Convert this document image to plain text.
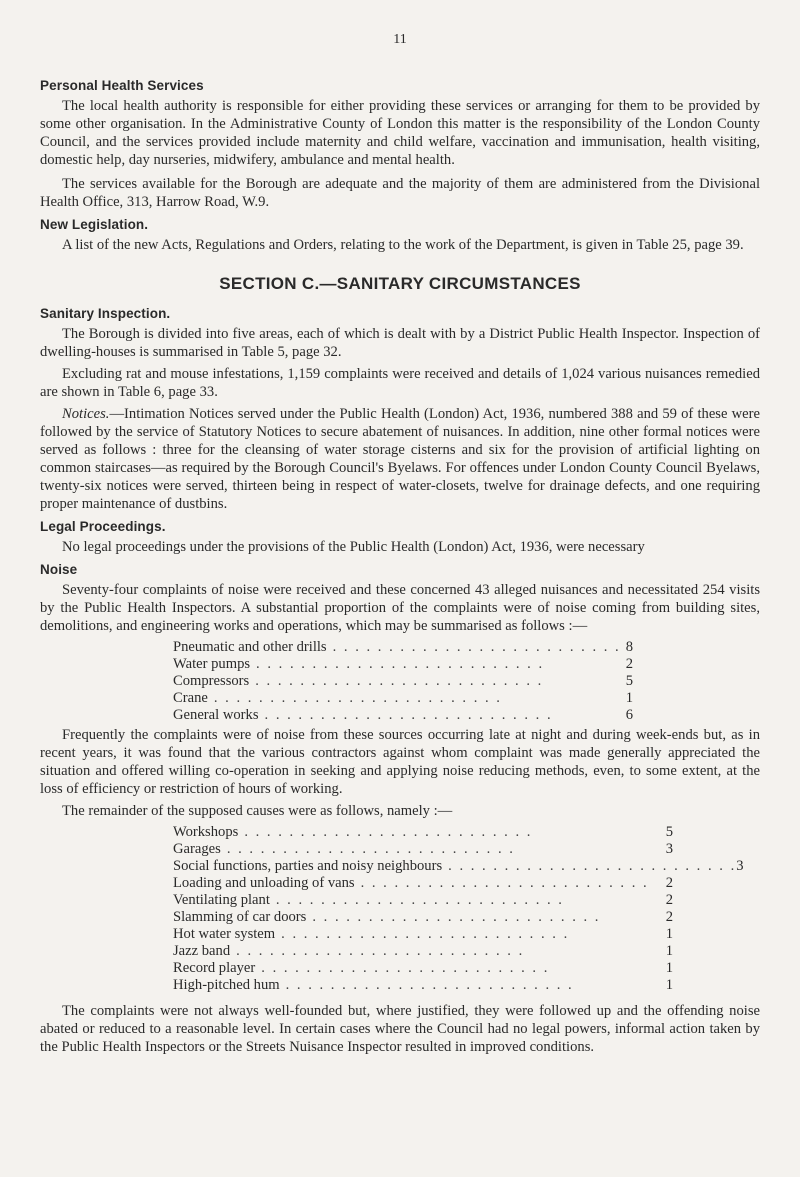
11
Personal Health Services

The local health authority is responsible for either providing these services or arranging for them to be provided by some other organisation. In the Administrative County of London this matter is the responsibility of the London County Council, and the services provided include maternity and child welfare, vaccination and immunisation, health visiting, domestic help, day nurseries, midwifery, ambulance and mental health.

The services available for the Borough are adequate and the majority of them are administered from the Divisional Health Office, 313, Harrow Road, W.9.

New Legislation.

A list of the new Acts, Regulations and Orders, relating to the work of the Department, is given in Table 25, page 39.

SECTION C.—SANITARY CIRCUMSTANCES
Sanitary Inspection.

The Borough is divided into five areas, each of which is dealt with by a District Public Health Inspector. Inspection of dwelling-houses is summarised in Table 5, page 32.

Excluding rat and mouse infestations, 1,159 complaints were received and details of 1,024 various nuisances remedied are shown in Table 6, page 33.

Notices.—Intimation Notices served under the Public Health (London) Act, 1936, numbered 388 and 59 of these were followed by the service of Statutory Notices to secure abatement of nuisances. In addition, nine other formal notices were served as follows : three for the cleansing of water storage cisterns and six for the provision of artificial lighting on common staircases—as required by the Borough Council's Byelaws. For offences under London County Council Byelaws, twenty-six notices were served, thirteen being in respect of water-closets, twelve for drainage defects, and one requiring proper maintenance of dustbins.

Legal Proceedings.

No legal proceedings under the provisions of the Public Health (London) Act, 1936, were necessary

Noise

Seventy-four complaints of noise were received and these concerned 43 alleged nuisances and necessitated 254 visits by the Public Health Inspectors. A substantial proportion of the complaints were of noise coming from building sites, demolitions, and engineering works and operations, which may be summarised as follows :—

Pneumatic and other drills . . . . . . . . . . . . . . . . . . . . . . . . . . 8
Water pumps . . . . . . . . . . . . . . . . . . . . . . . . . .	2
Compressors . . . . . . . . . . . . . . . . . . . . . . . . . .	5
Crane . . . . . . . . . . . . . . . . . . . . . . . . . .	1
General works . . . . . . . . . . . . . . . . . . . . . . . . . .	6

Frequently the complaints were of noise from these sources occurring late at night and during week-ends but, as in recent years, it was found that the various contractors against whom complaint was made generally appreciated the situation and offered willing co-operation in seeking and applying noise reducing methods, even, to some extent, at the loss of efficiency or restriction of hours of working.

The remainder of the supposed causes were as follows, namely :—

Workshops . . . . . . . . . . . . . . . . . . . . . . . . . .	5
Garages . . . . . . . . . . . . . . . . . . . . . . . . . .	3
Social functions, parties and noisy neighbours . . . . . . . . . . . . . . . . . . . . . . . . . . 3
Loading and unloading of vans . . . . . . . . . . . . . . . . . . . . . . . . . .	2
Ventilating plant . . . . . . . . . . . . . . . . . . . . . . . . . .	2
Slamming of car doors . . . . . . . . . . . . . . . . . . . . . . . . . .	2
Hot water system . . . . . . . . . . . . . . . . . . . . . . . . . .	1
Jazz band . . . . . . . . . . . . . . . . . . . . . . . . . .	1
Record player . . . . . . . . . . . . . . . . . . . . . . . . . .	1
High-pitched hum . . . . . . . . . . . . . . . . . . . . . . . . . .	1

The complaints were not always well-founded but, where justified, they were followed up and the offending noise abated or reduced to a reasonable level. In certain cases where the Council had no legal powers, informal action taken by the Public Health Inspectors or the Streets Nuisance Inspector resulted in improved conditions.
